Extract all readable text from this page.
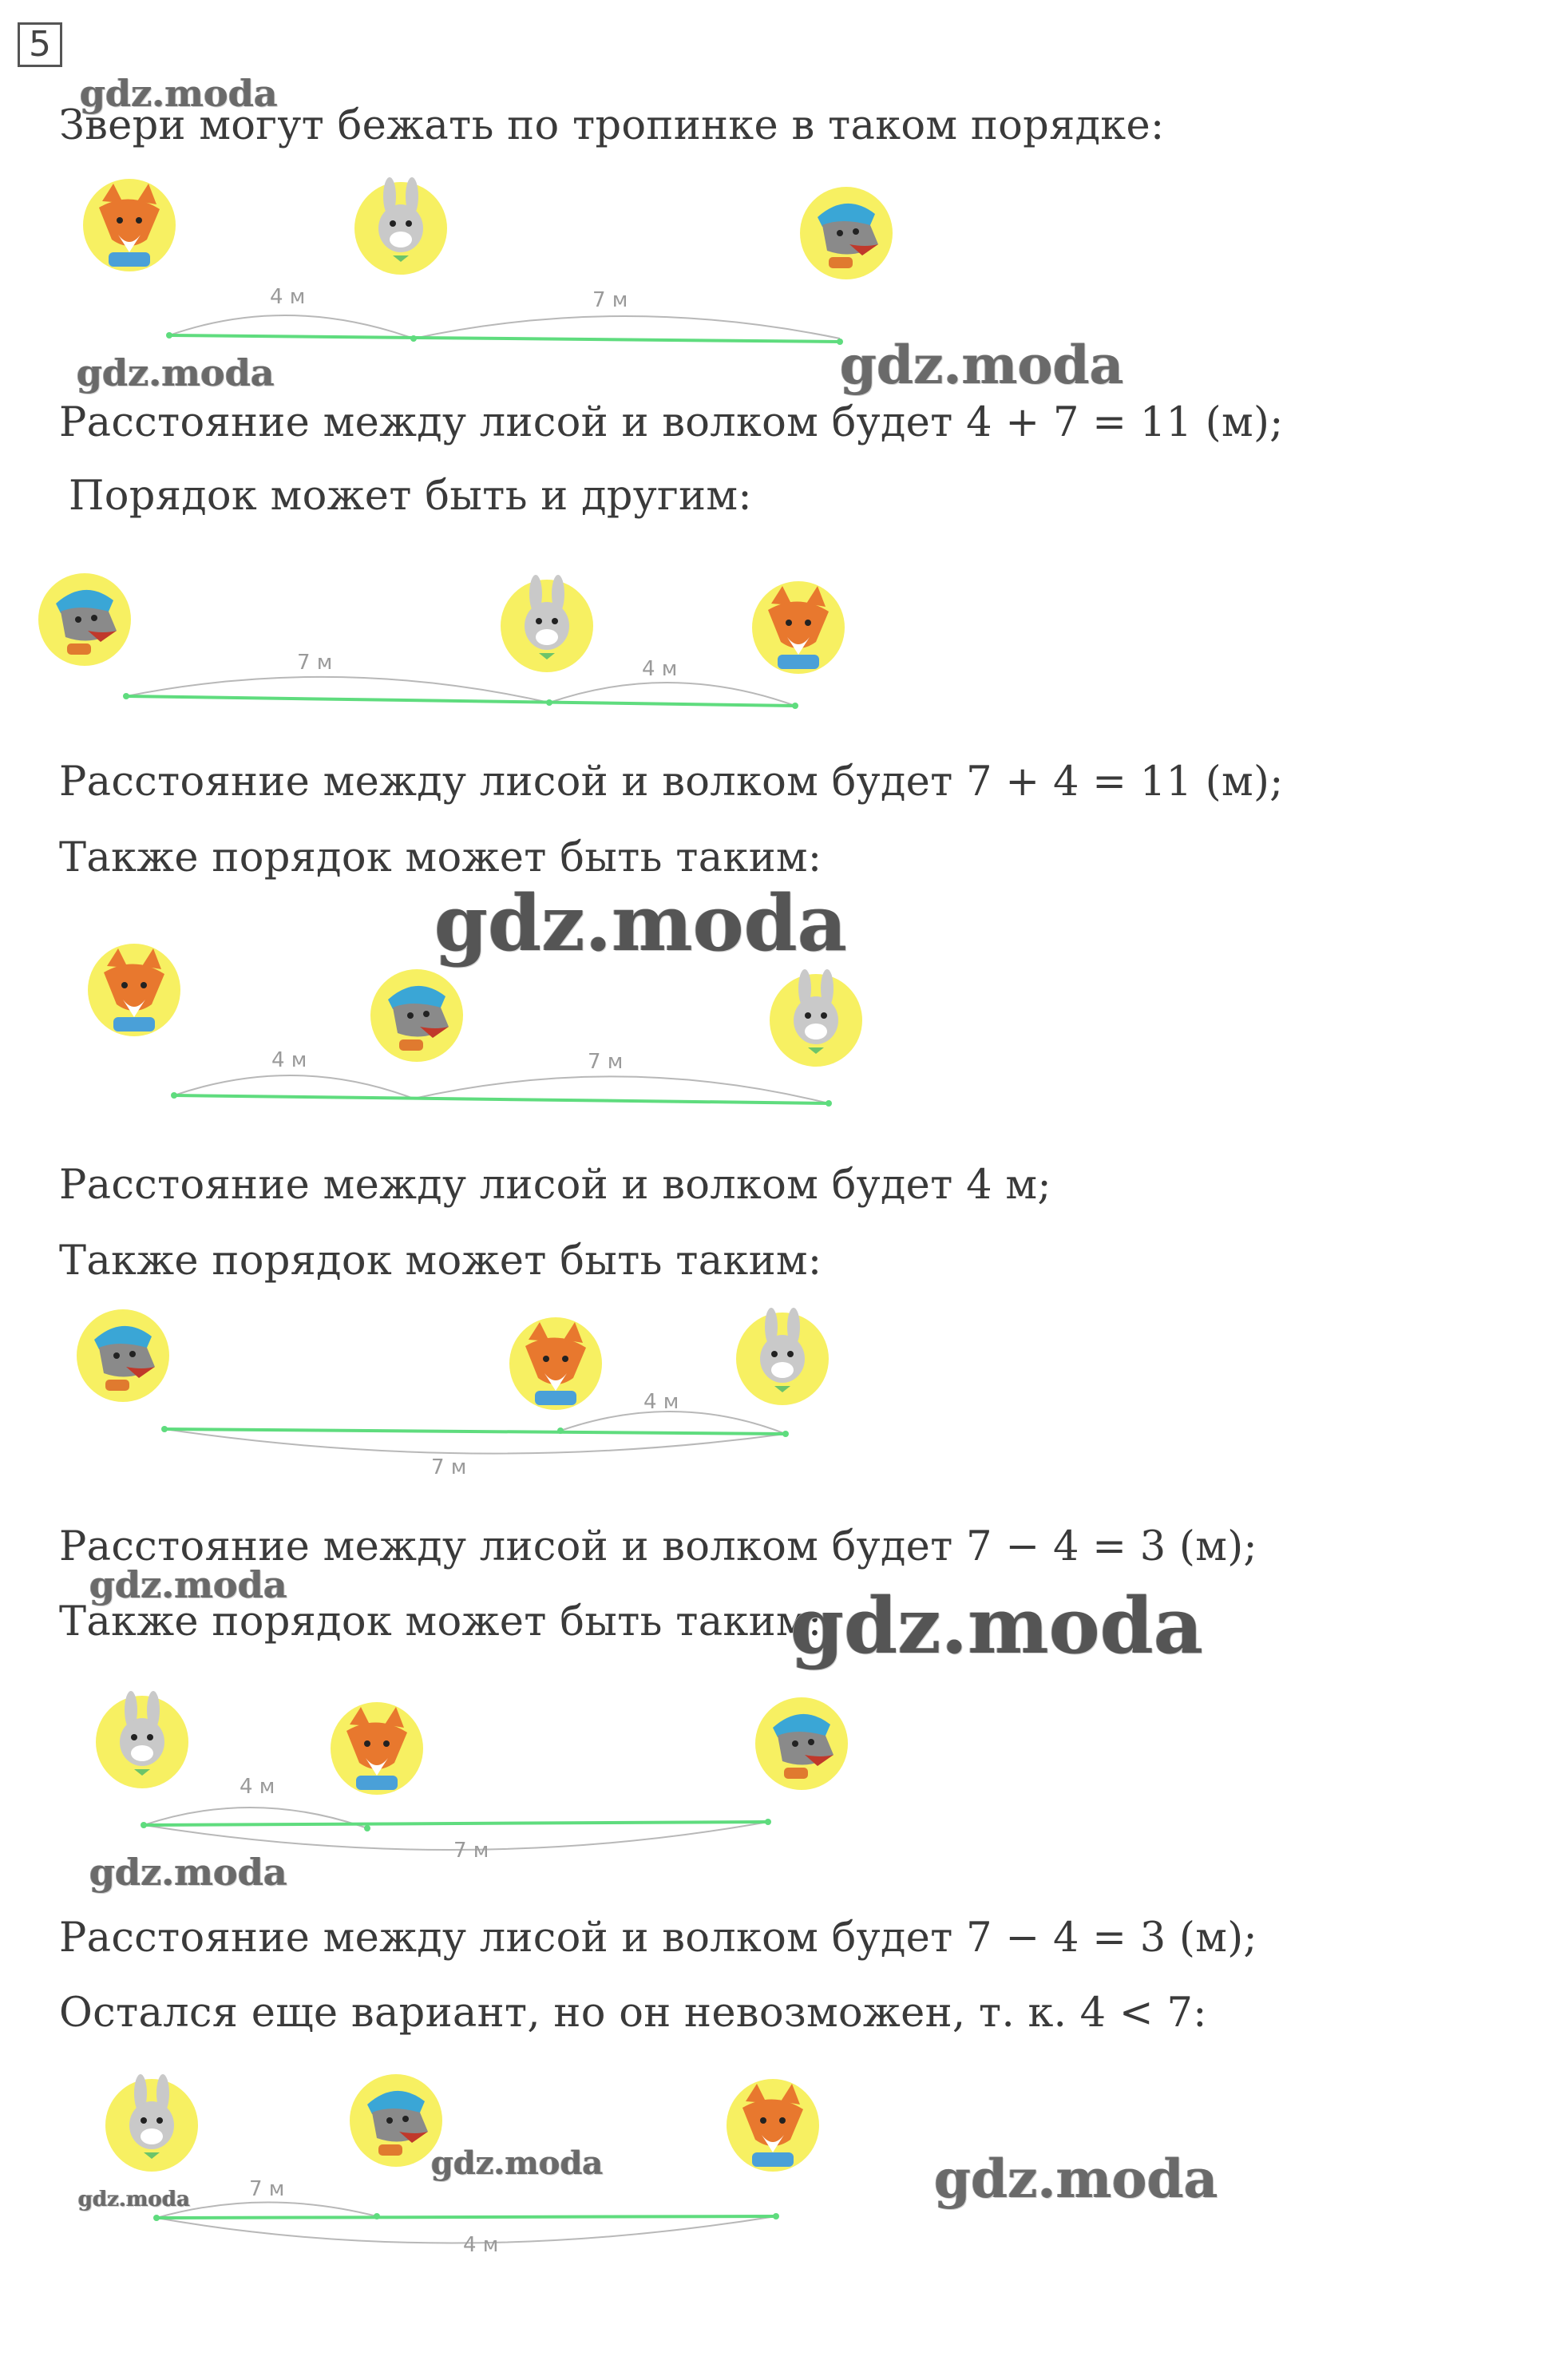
5
Звери могут бежать по тропинке в таком порядке:
Расстояние между лисой и волком будет 4 + 7 = 11 (м);
Порядок может быть и другим:
Расстояние между лисой и волком будет 7 + 4 = 11 (м);
Также порядок может быть таким:
Расстояние между лисой и волком будет 4 м;
Также порядок может быть таким:
Расстояние между лисой и волком будет 7 − 4 = 3 (м);
Также порядок может быть таким:
Расстояние между лисой и волком будет 7 − 4 = 3 (м);
Остался еще вариант, но он невозможен, т. к. 4 < 7:
4 м	7 м
7 м	4 м
4 м	7 м
4 м
7 м
4 м
7 м
7 м
4 м
gdz.moda
gdz.moda	gdz.moda
gdz.moda
gdz.moda	gdz.moda
gdz.moda
gdz.moda
gdz.moda	gdz.moda
